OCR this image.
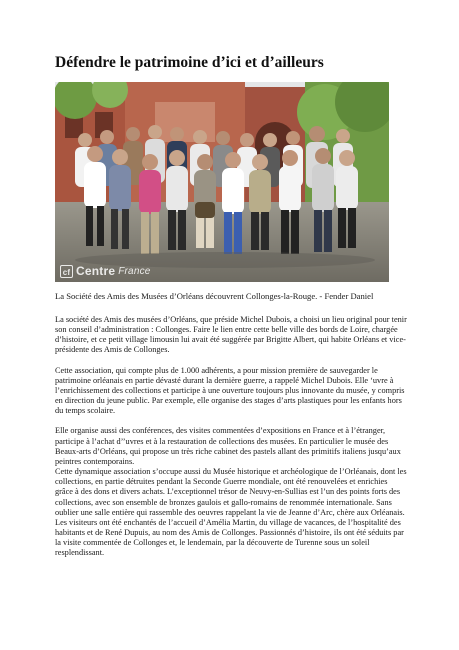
Défendre le patrimoine d’ici et d’ailleurs
cf Centre France

La Société des Amis des Musées d’Orléans découvrent Collonges-la-Rouge. - Fender Daniel

La société des Amis des musées d’Orléans, que préside Michel Dubois, a choisi un lieu original pour tenir son conseil d’administration : Collonges. Faire le lien entre cette belle ville des bords de Loire, chargée d’histoire, et ce petit village limousin lui avait été suggérée par Brigitte Albert, qui habite Orléans et vice-présidente des Amis de Collonges.

Cette association, qui compte plus de 1.000 adhérents, a pour mission première de sauvegarder le patrimoine orléanais en partie dévasté durant la dernière guerre, a rappelé Michel Dubois. Elle ‘uvre à l’enrichissement des collections et participe à une ouverture toujours plus innovante du musée, y compris en direction du jeune public. Par exemple, elle organise des stages d’arts plastiques pour les enfants hors du temps scolaire.

Elle organise aussi des conférences, des visites commentées d’expositions en France et à l’étranger, participe à l’achat d’’uvres et à la restauration de collections des musées. En particulier le musée des Beaux-arts d’Orléans, qui propose un très riche cabinet des pastels allant des primitifs italiens jusqu’aux peintres contemporains.

Cette dynamique association s’occupe aussi du Musée historique et archéologique de l’Orléanais, dont les collections, en partie détruites pendant la Seconde Guerre mondiale, ont été renouvelées et enrichies grâce à des dons et divers achats. L’exceptionnel trésor de Neuvy-en-Sullias est l’un des points forts des collections, avec son ensemble de bronzes gaulois et gallo-romains de renommée internationale. Sans oublier une salle entière qui rassemble des oeuvres rappelant la vie de Jeanne d’Arc, chère aux Orléanais.

Les visiteurs ont été enchantés de l’accueil d’Amélia Martin, du village de vacances, de l’hospitalité des habitants et de René Dupuis, au nom des Amis de Collonges. Passionnés d’histoire, ils ont été séduits par la visite commentée de Collonges et, le lendemain, par la découverte de Turenne sous un soleil resplendissant.
